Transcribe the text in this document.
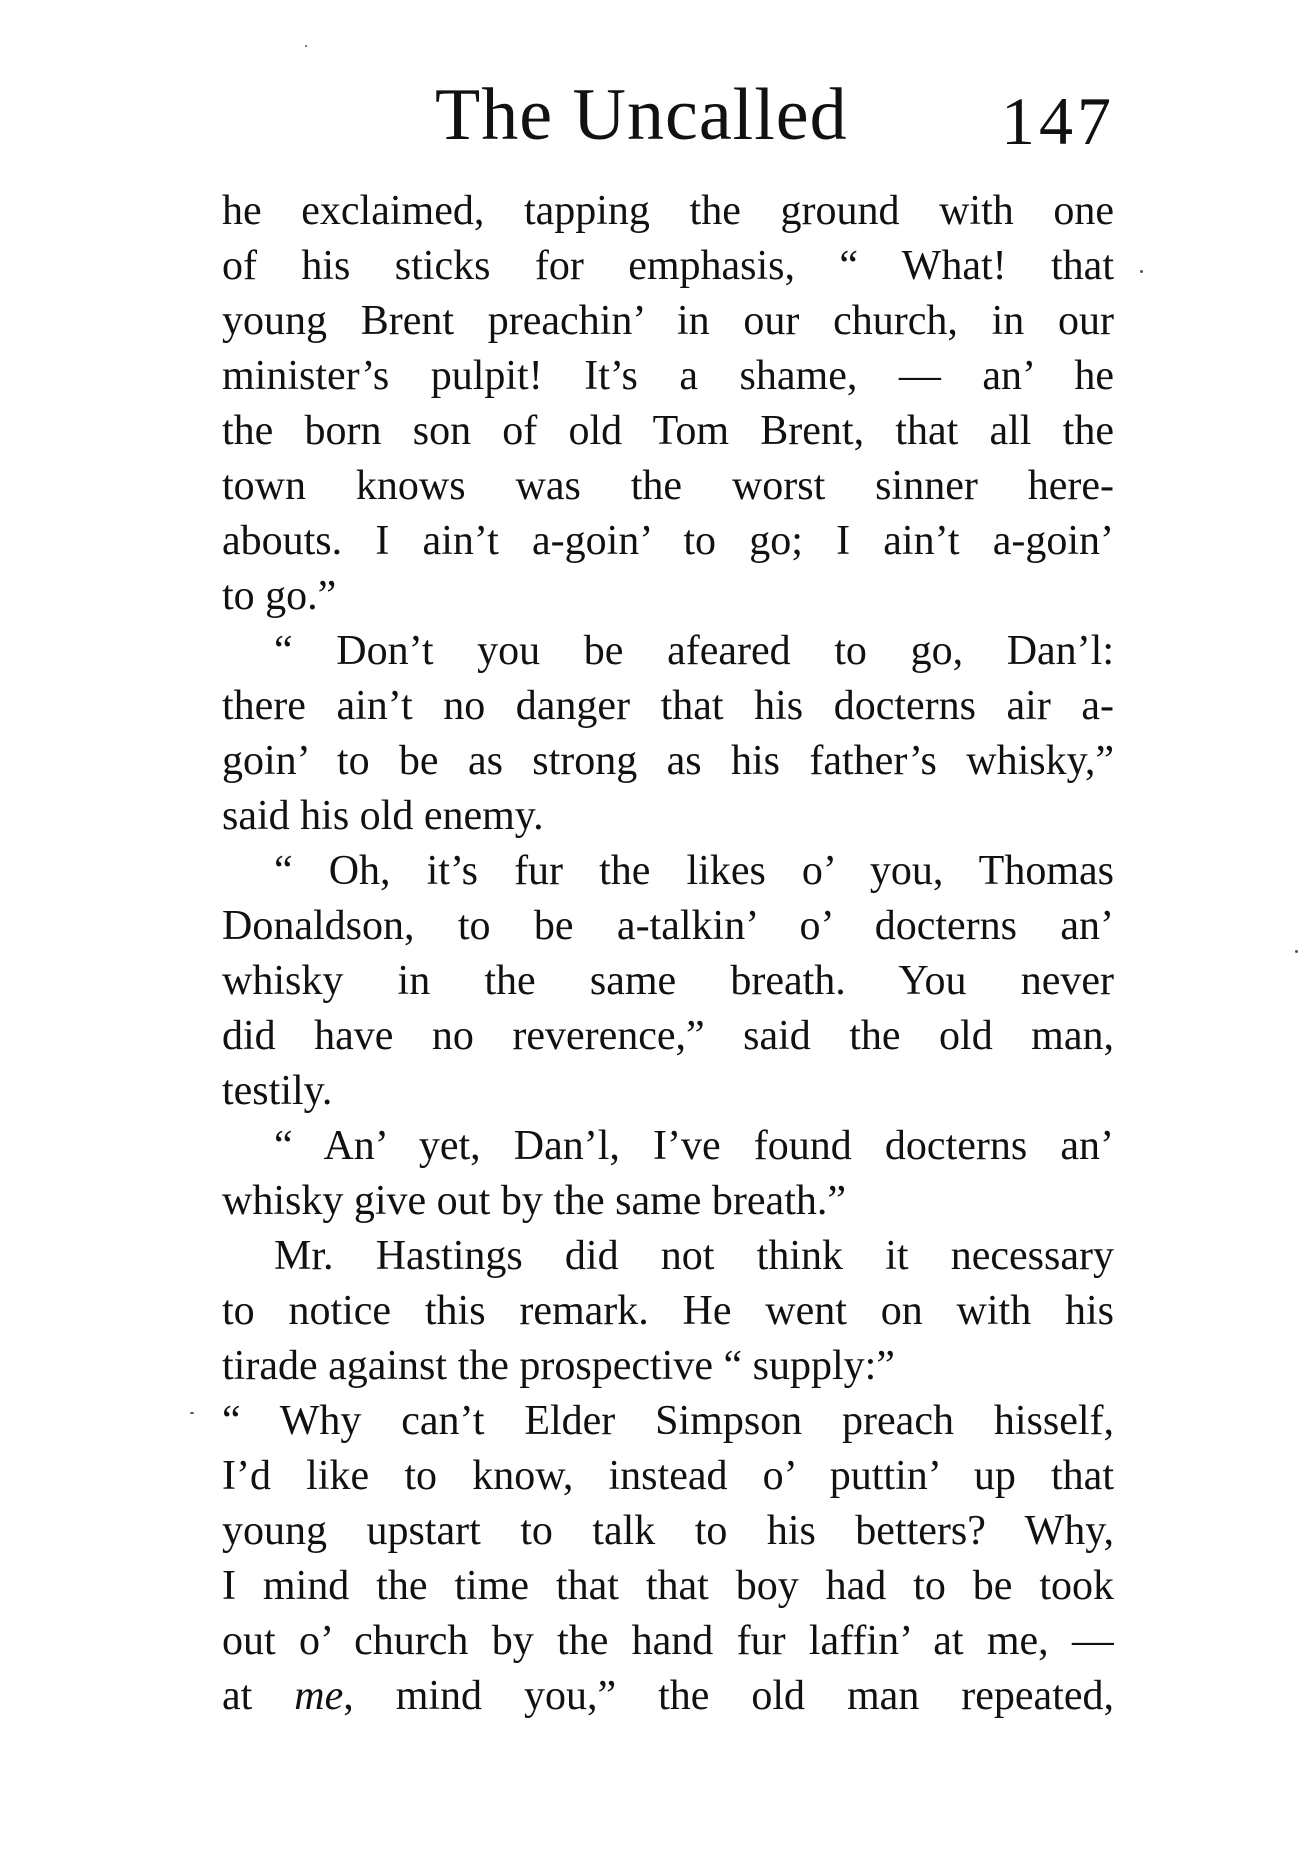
The Uncalled 147
he exclaimed, tapping the ground with one
of his sticks for emphasis, “ What! that
young Brent preachin’ in our church, in our
minister’s pulpit! It’s a shame, — an’ he
the born son of old Tom Brent, that all the
town knows was the worst sinner here-
abouts. I ain’t a-goin’ to go; I ain’t a-goin’
to go.”
“ Don’t you be afeared to go, Dan’l:
there ain’t no danger that his docterns air a-
goin’ to be as strong as his father’s whisky,”
said his old enemy.
“ Oh, it’s fur the likes o’ you, Thomas
Donaldson, to be a-talkin’ o’ docterns an’
whisky in the same breath. You never
did have no reverence,” said the old man,
testily.
“ An’ yet, Dan’l, I’ve found docterns an’
whisky give out by the same breath.”
Mr. Hastings did not think it necessary
to notice this remark. He went on with his
tirade against the prospective “ supply:”
“ Why can’t Elder Simpson preach hisself,
I’d like to know, instead o’ puttin’ up that
young upstart to talk to his betters? Why,
I mind the time that that boy had to be took
out o’ church by the hand fur laffin’ at me, —
at me, mind you,” the old man repeated,
